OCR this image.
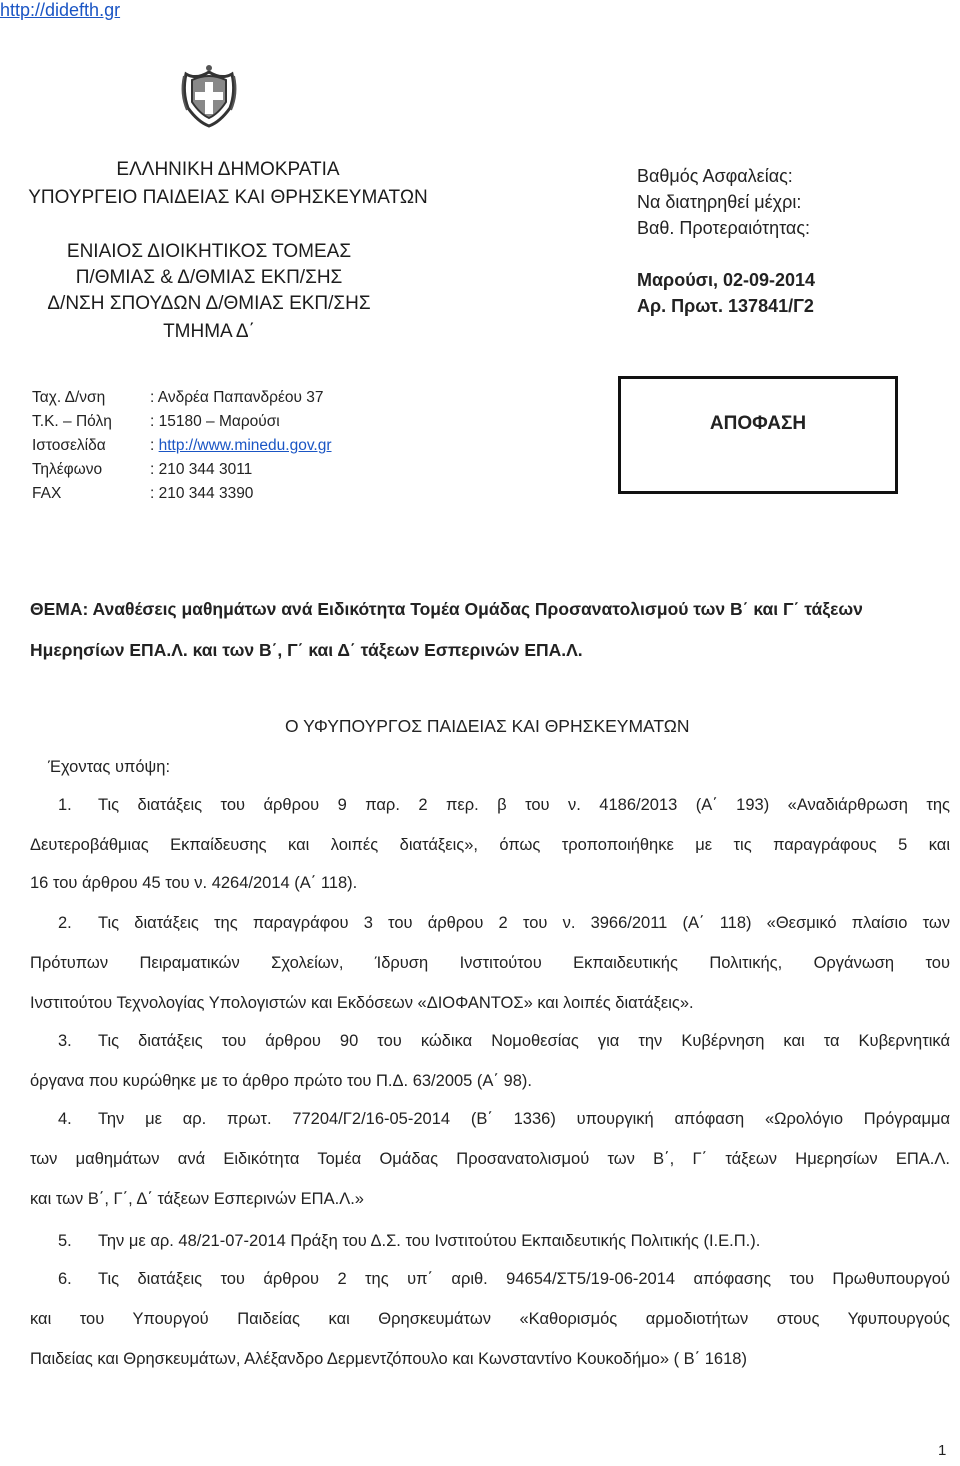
http://didefth.gr
ΕΛΛΗΝΙΚΗ ΔΗΜΟΚΡΑΤΙΑ
ΥΠΟΥΡΓΕΙΟ ΠΑΙΔΕΙΑΣ ΚΑΙ ΘΡΗΣΚΕΥΜΑΤΩΝ
ΕΝΙΑΙΟΣ ΔΙΟΙΚΗΤΙΚΟΣ ΤΟΜΕΑΣ
Π/ΘΜΙΑΣ & Δ/ΘΜΙΑΣ ΕΚΠ/ΣΗΣ
Δ/ΝΣΗ ΣΠΟΥΔΩΝ Δ/ΘΜΙΑΣ ΕΚΠ/ΣΗΣ
ΤΜΗΜΑ Δ΄
Βαθμός Ασφαλείας:
Να διατηρηθεί μέχρι:
Βαθ. Προτεραιότητας:
Μαρούσι, 02-09-2014
Αρ. Πρωτ. 137841/Γ2
Ταχ. Δ/νση	: Ανδρέα Παπανδρέου 37
Τ.Κ. – Πόλη : 15180 – Μαρούσι
Ιστοσελίδα	: http://www.minedu.gov.gr
Τηλέφωνο	: 210 344 3011
FAX	: 210 344 3390
ΑΠΟΦΑΣΗ
ΘΕΜΑ: Αναθέσεις μαθημάτων ανά Ειδικότητα Τομέα Ομάδας Προσανατολισμού των Β΄ και Γ΄ τάξεων
Ημερησίων ΕΠΑ.Λ. και των Β΄, Γ΄ και Δ΄ τάξεων Εσπερινών ΕΠΑ.Λ.
Ο ΥΦΥΠΟΥΡΓΟΣ ΠΑΙΔΕΙΑΣ ΚΑΙ ΘΡΗΣΚΕΥΜΑΤΩΝ
Έχοντας υπόψη:
1. Τις διατάξεις του άρθρου 9 παρ. 2 περ. β του ν. 4186/2013 (Α΄ 193) «Αναδιάρθρωση της
Δευτεροβάθμιας Εκπαίδευσης και λοιπές διατάξεις», όπως τροποποιήθηκε με τις παραγράφους 5 και
16 του άρθρου 45 του ν. 4264/2014 (Α΄ 118).
2. Τις διατάξεις της παραγράφου 3 του άρθρου 2 του ν. 3966/2011 (Α΄ 118) «Θεσμικό πλαίσιο των
Πρότυπων Πειραματικών Σχολείων, Ίδρυση Ινστιτούτου Εκπαιδευτικής Πολιτικής, Οργάνωση του
Ινστιτούτου Τεχνολογίας Υπολογιστών και Εκδόσεων «ΔΙΟΦΑΝΤΟΣ» και λοιπές διατάξεις».
3. Τις διατάξεις του άρθρου 90 του κώδικα Νομοθεσίας για την Κυβέρνηση και τα Κυβερνητικά
όργανα που κυρώθηκε με το άρθρο πρώτο του Π.Δ. 63/2005 (Α΄ 98).
4. Την με αρ. πρωτ. 77204/Γ2/16-05-2014 (Β΄ 1336) υπουργική απόφαση «Ωρολόγιο Πρόγραμμα
των μαθημάτων ανά Ειδικότητα Τομέα Ομάδας Προσανατολισμού των Β΄, Γ΄ τάξεων Ημερησίων ΕΠΑ.Λ.
και των Β΄, Γ΄, Δ΄ τάξεων Εσπερινών ΕΠΑ.Λ.»
5. Την με αρ. 48/21-07-2014 Πράξη του Δ.Σ. του Ινστιτούτου Εκπαιδευτικής Πολιτικής (Ι.Ε.Π.).
6. Τις διατάξεις του άρθρου 2 της υπ΄ αριθ. 94654/ΣΤ5/19-06-2014 απόφασης του Πρωθυπουργού
και του Υπουργού Παιδείας και Θρησκευμάτων «Καθορισμός αρμοδιοτήτων στους Υφυπουργούς
Παιδείας και Θρησκευμάτων, Αλέξανδρο Δερμεντζόπουλο και Κωνσταντίνο Κουκοδήμο» ( Β΄ 1618)
1
